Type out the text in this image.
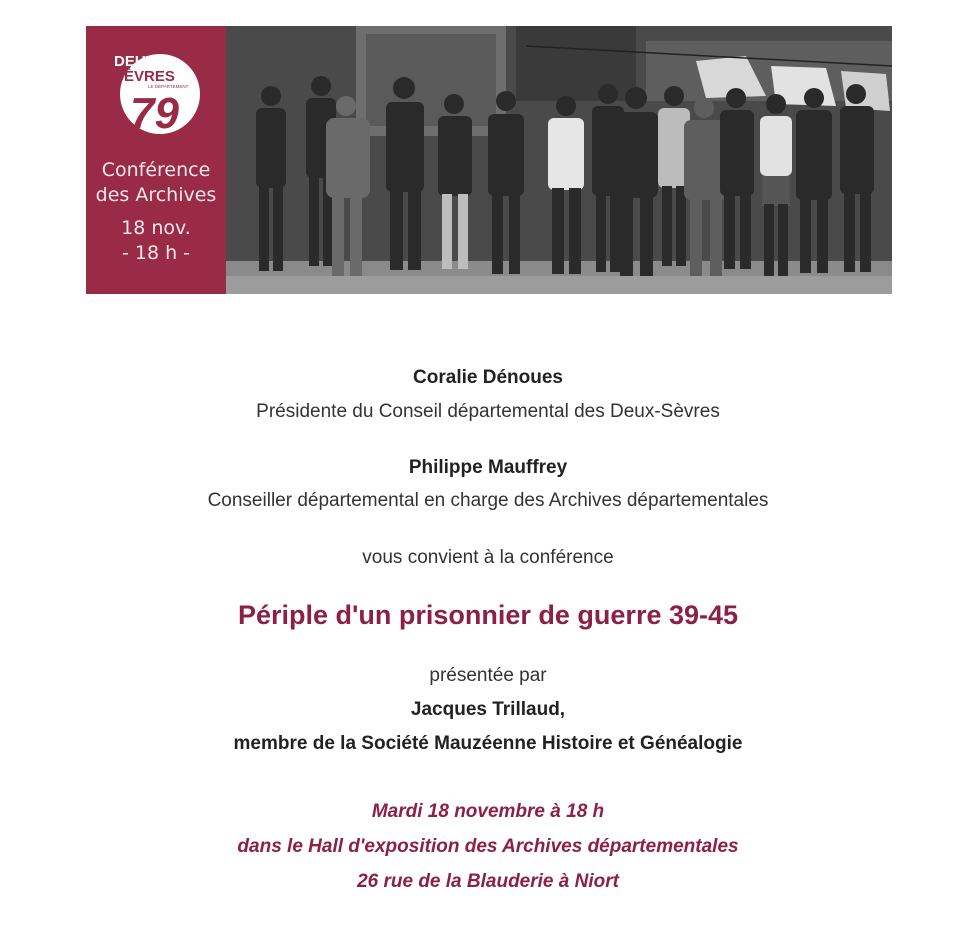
DEUX
SÈVRES
LE DÉPARTEMENT
79
Conférence
des Archives
18 nov.
- 18 h -
Coralie Dénoues
Présidente du Conseil départemental des Deux-Sèvres
Philippe Mauffrey
Conseiller départemental en charge des Archives départementales
vous convient à la conférence
Périple d'un prisonnier de guerre 39-45
présentée par
Jacques Trillaud,
membre de la Société Mauzéenne Histoire et Généalogie
Mardi 18 novembre à 18 h
dans le Hall d'exposition des Archives départementales
26 rue de la Blauderie à Niort
